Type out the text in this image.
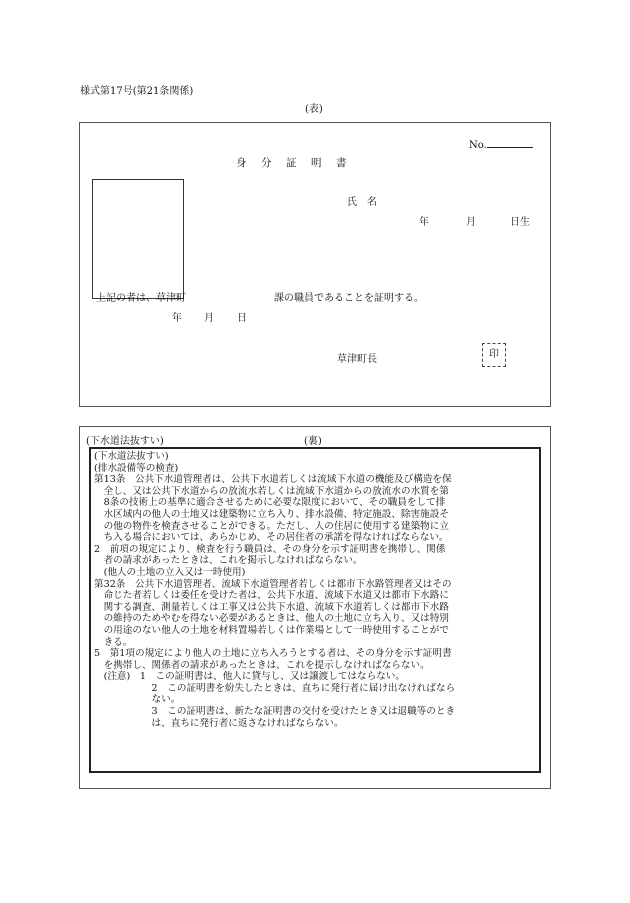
様式第17号(第21条関係)
(表)
No.
身　分　証　明　書
氏　名
年	月	日生
上記の者は、草津町	課の職員であることを証明する。
年 月 日
草津町長	印
(下水道法抜すい)	(裏)
(下水道法抜すい)
(排水設備等の検査)
第13条　公共下水道管理者は、公共下水道若しくは流域下水道の機能及び構造を保
　全し、又は公共下水道からの放流水若しくは流域下水道からの放流水の水質を第
　8条の技術上の基準に適合させるために必要な限度において、その職員をして排
　水区域内の他人の土地又は建築物に立ち入り、排水設備、特定施設、除害施設そ
　の他の物件を検査させることができる。ただし、人の住居に使用する建築物に立
　ち入る場合においては、あらかじめ、その居住者の承諾を得なければならない。
2　前項の規定により、検査を行う職員は、その身分を示す証明書を携帯し、関係
　者の請求があったときは、これを掲示しなければならない。
　(他人の土地の立入又は一時使用)
第32条　公共下水道管理者、流域下水道管理者若しくは都市下水路管理者又はその
　命じた者若しくは委任を受けた者は、公共下水道、流域下水道又は都市下水路に
　関する調査、測量若しくは工事又は公共下水道、流域下水道若しくは都市下水路
　の維持のためやむを得ない必要があるときは、他人の土地に立ち入り、又は特別
　の用途のない他人の土地を材料置場若しくは作業場として一時使用することがで
　きる。
5　第1項の規定により他人の土地に立ち入ろうとする者は、その身分を示す証明書
　を携帯し、関係者の請求があったときは、これを提示しなければならない。
　(注意)　1　この証明書は、他人に貸与し、又は譲渡してはならない。
　　　　　　2　この証明書を紛失したときは、直ちに発行者に届け出なければなら
　　　　　　ない。
　　　　　　3　この証明書は、新たな証明書の交付を受けたとき又は退職等のとき
　　　　　　は、直ちに発行者に返さなければならない。
